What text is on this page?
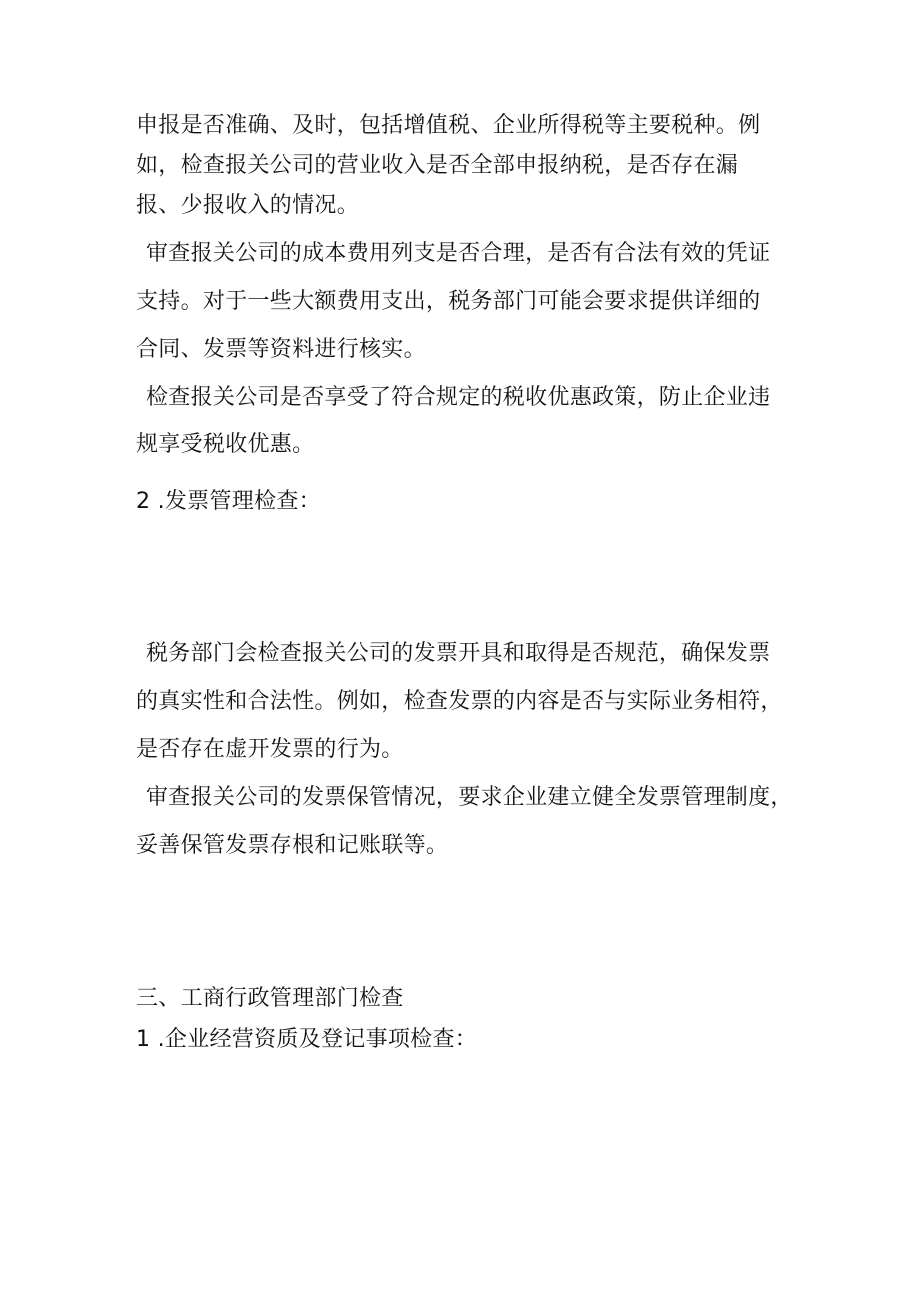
申报是否准确、及时，包括增值税、企业所得税等主要税种。例
如，检查报关公司的营业收入是否全部申报纳税，是否存在漏
报、少报收入的情况。
审查报关公司的成本费用列支是否合理，是否有合法有效的凭证
支持。对于一些大额费用支出，税务部门可能会要求提供详细的
合同、发票等资料进行核实。
检查报关公司是否享受了符合规定的税收优惠政策，防止企业违
规享受税收优惠。
2 .发票管理检查：
税务部门会检查报关公司的发票开具和取得是否规范，确保发票
的真实性和合法性。例如，检查发票的内容是否与实际业务相符，
是否存在虚开发票的行为。
审查报关公司的发票保管情况，要求企业建立健全发票管理制度，
妥善保管发票存根和记账联等。
三、工商行政管理部门检查
1 .企业经营资质及登记事项检查：
